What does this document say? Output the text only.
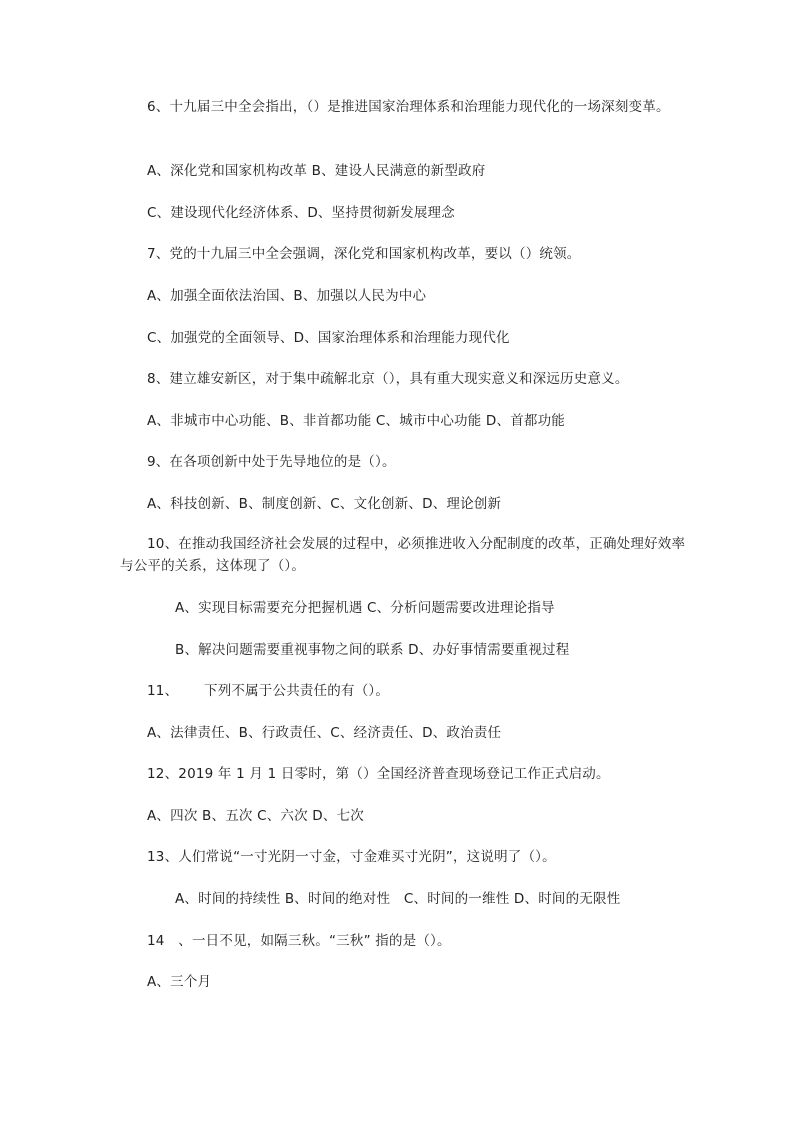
6、十九届三中全会指出，（）是推进国家治理体系和治理能力现代化的一场深刻变革。
A、深化党和国家机构改革 B、建设人民满意的新型政府
C、建设现代化经济体系、D、坚持贯彻新发展理念
7、党的十九届三中全会强调，深化党和国家机构改革，要以（）统领。
A、加强全面依法治国、B、加强以人民为中心
C、加强党的全面领导、D、国家治理体系和治理能力现代化
8、建立雄安新区，对于集中疏解北京（），具有重大现实意义和深远历史意义。
A、非城市中心功能、B、非首都功能 C、城市中心功能 D、首都功能
9、在各项创新中处于先导地位的是（）。
A、科技创新、B、制度创新、C、文化创新、D、理论创新
10、在推动我国经济社会发展的过程中，必须推进收入分配制度的改革，正确处理好效率与公平的关系，这体现了（）。
A、实现目标需要充分把握机遇 C、分析问题需要改进理论指导
B、解决问题需要重视事物之间的联系 D、办好事情需要重视过程
11、 下列不属于公共责任的有（）。
A、法律责任、B、行政责任、C、经济责任、D、政治责任
12、2019 年 1 月 1 日零时，第（）全国经济普查现场登记工作正式启动。
A、四次 B、五次 C、六次 D、七次
13、人们常说“一寸光阴一寸金，寸金难买寸光阴”，这说明了（）。
A、时间的持续性 B、时间的绝对性　C、时间的一维性 D、时间的无限性
14　、一日不见，如隔三秋。“三秋” 指的是（）。
A、三个月
